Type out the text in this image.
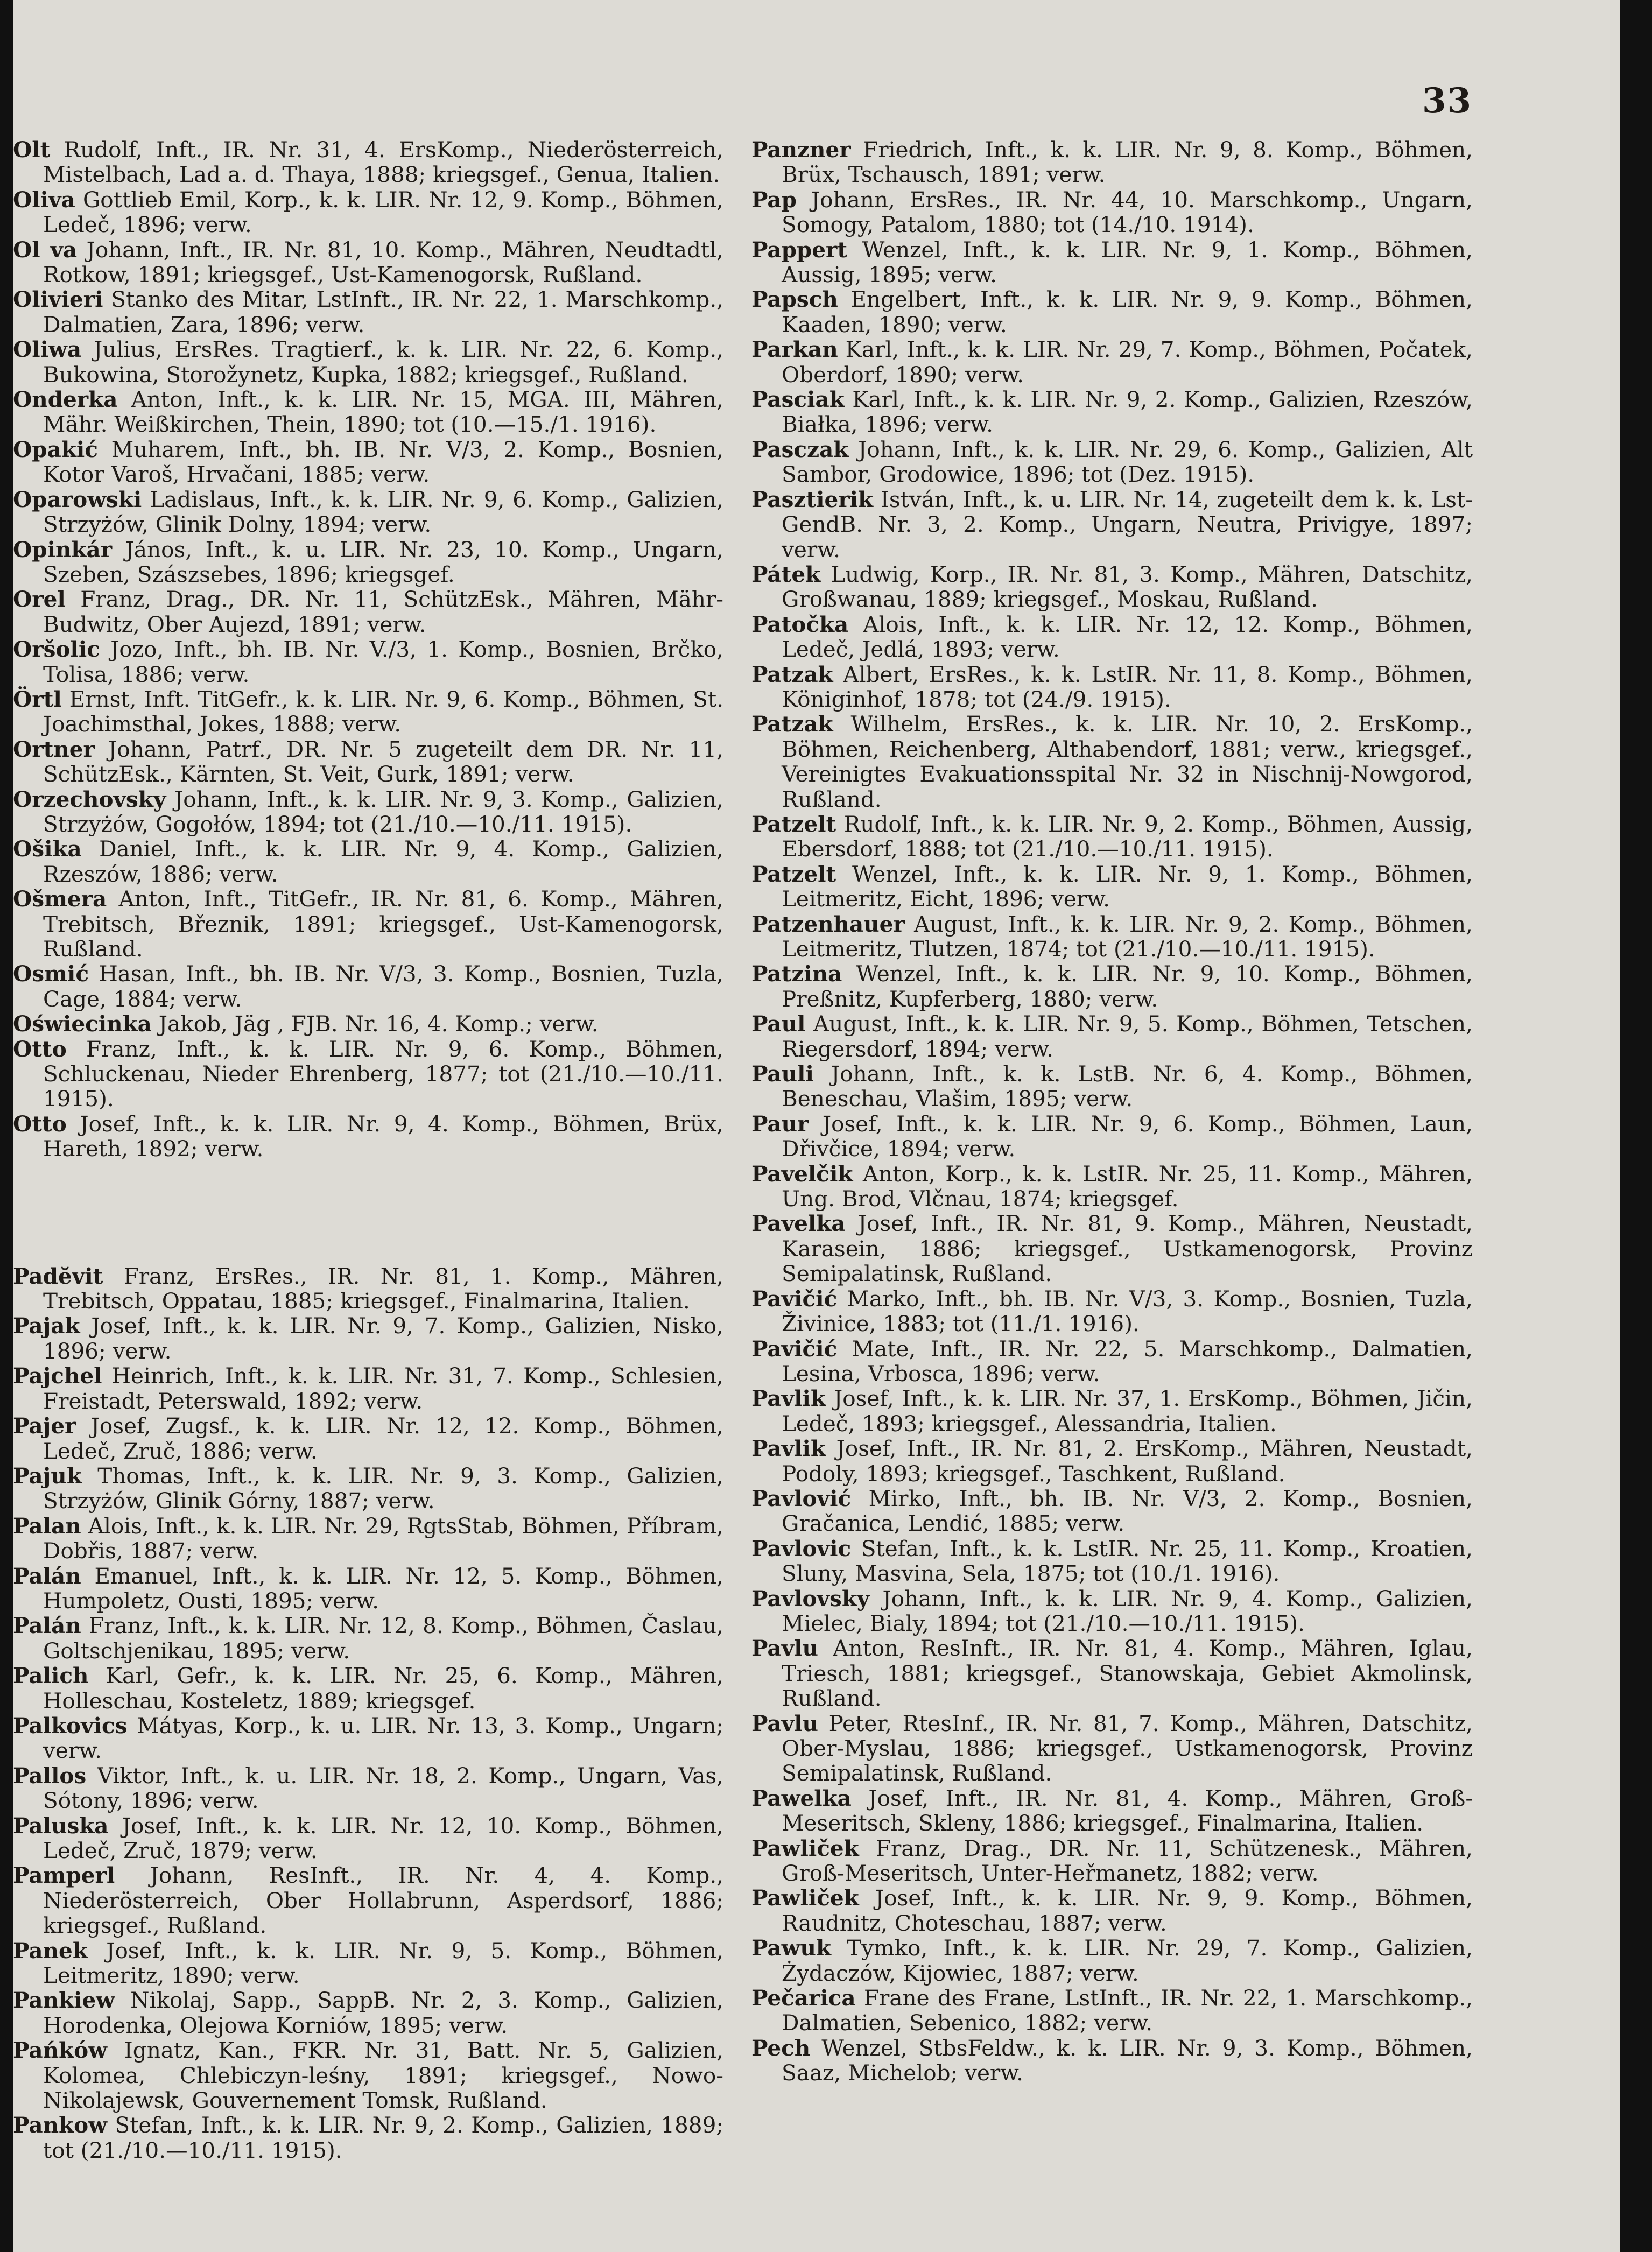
33
Olt Rudolf, Inft., IR. Nr. 31, 4. ErsKomp., Niederösterreich, Mistelbach, Lad a. d. Thaya, 1888; kriegsgef., Genua, Italien.
Oliva Gottlieb Emil, Korp., k. k. LIR. Nr. 12, 9. Komp., Böhmen, Ledeč, 1896; verw.
Ol va Johann, Inft., IR. Nr. 81, 10. Komp., Mähren, Neudtadtl, Rotkow, 1891; kriegsgef., Ust-Kamenogorsk, Rußland.
Olivieri Stanko des Mitar, LstInft., IR. Nr. 22, 1. Marschkomp., Dalmatien, Zara, 1896; verw.
Oliwa Julius, ErsRes. Tragtierf., k. k. LIR. Nr. 22, 6. Komp., Bukowina, Storožynetz, Kupka, 1882; kriegsgef., Rußland.
Onderka Anton, Inft., k. k. LIR. Nr. 15, MGA. III, Mähren, Mähr. Weißkirchen, Thein, 1890; tot (10.—15./1. 1916).
Opakić Muharem, Inft., bh. IB. Nr. V/3, 2. Komp., Bosnien, Kotor Varoš, Hrvačani, 1885; verw.
Oparowski Ladislaus, Inft., k. k. LIR. Nr. 9, 6. Komp., Galizien, Strzyżów, Glinik Dolny, 1894; verw.
Opinkár János, Inft., k. u. LIR. Nr. 23, 10. Komp., Ungarn, Szeben, Szászsebes, 1896; kriegsgef.
Orel Franz, Drag., DR. Nr. 11, SchützEsk., Mähren, Mähr-Budwitz, Ober Aujezd, 1891; verw.
Oršolic Jozo, Inft., bh. IB. Nr. V./3, 1. Komp., Bosnien, Brčko, Tolisa, 1886; verw.
Örtl Ernst, Inft. TitGefr., k. k. LIR. Nr. 9, 6. Komp., Böhmen, St. Joachimsthal, Jokes, 1888; verw.
Ortner Johann, Patrf., DR. Nr. 5 zugeteilt dem DR. Nr. 11, SchützEsk., Kärnten, St. Veit, Gurk, 1891; verw.
Orzechovsky Johann, Inft., k. k. LIR. Nr. 9, 3. Komp., Galizien, Strzyżów, Gogołów, 1894; tot (21./10.—10./11. 1915).
Ošika Daniel, Inft., k. k. LIR. Nr. 9, 4. Komp., Galizien, Rzeszów, 1886; verw.
Ošmera Anton, Inft., TitGefr., IR. Nr. 81, 6. Komp., Mähren, Trebitsch, Březnik, 1891; kriegsgef., Ust-Kamenogorsk, Rußland.
Osmić Hasan, Inft., bh. IB. Nr. V/3, 3. Komp., Bosnien, Tuzla, Cage, 1884; verw.
Oświecinka Jakob, Jäg , FJB. Nr. 16, 4. Komp.; verw.
Otto Franz, Inft., k. k. LIR. Nr. 9, 6. Komp., Böhmen, Schluckenau, Nieder Ehrenberg, 1877; tot (21./10.—10./11. 1915).
Otto Josef, Inft., k. k. LIR. Nr. 9, 4. Komp., Böhmen, Brüx, Hareth, 1892; verw.
Padĕvit Franz, ErsRes., IR. Nr. 81, 1. Komp., Mähren, Trebitsch, Oppatau, 1885; kriegsgef., Finalmarina, Italien.
Pajak Josef, Inft., k. k. LIR. Nr. 9, 7. Komp., Galizien, Nisko, 1896; verw.
Pajchel Heinrich, Inft., k. k. LIR. Nr. 31, 7. Komp., Schlesien, Freistadt, Peterswald, 1892; verw.
Pajer Josef, Zugsf., k. k. LIR. Nr. 12, 12. Komp., Böhmen, Ledeč, Zruč, 1886; verw.
Pajuk Thomas, Inft., k. k. LIR. Nr. 9, 3. Komp., Galizien, Strzyżów, Glinik Górny, 1887; verw.
Palan Alois, Inft., k. k. LIR. Nr. 29, RgtsStab, Böhmen, Příbram, Dobřis, 1887; verw.
Palán Emanuel, Inft., k. k. LIR. Nr. 12, 5. Komp., Böhmen, Humpoletz, Ousti, 1895; verw.
Palán Franz, Inft., k. k. LIR. Nr. 12, 8. Komp., Böhmen, Časlau, Goltschjenikau, 1895; verw.
Palich Karl, Gefr., k. k. LIR. Nr. 25, 6. Komp., Mähren, Holleschau, Kosteletz, 1889; kriegsgef.
Palkovics Mátyas, Korp., k. u. LIR. Nr. 13, 3. Komp., Ungarn; verw.
Pallos Viktor, Inft., k. u. LIR. Nr. 18, 2. Komp., Ungarn, Vas, Sótony, 1896; verw.
Paluska Josef, Inft., k. k. LIR. Nr. 12, 10. Komp., Böhmen, Ledeč, Zruč, 1879; verw.
Pamperl Johann, ResInft., IR. Nr. 4, 4. Komp., Niederösterreich, Ober Hollabrunn, Asperdsorf, 1886; kriegsgef., Rußland.
Panek Josef, Inft., k. k. LIR. Nr. 9, 5. Komp., Böhmen, Leitmeritz, 1890; verw.
Pankiew Nikolaj, Sapp., SappB. Nr. 2, 3. Komp., Galizien, Horodenka, Olejowa Korniów, 1895; verw.
Pańków Ignatz, Kan., FKR. Nr. 31, Batt. Nr. 5, Galizien, Kolomea, Chlebiczyn-leśny, 1891; kriegsgef., Nowo-Nikolajewsk, Gouvernement Tomsk, Rußland.
Pankow Stefan, Inft., k. k. LIR. Nr. 9, 2. Komp., Galizien, 1889; tot (21./10.—10./11. 1915).
Panzner Friedrich, Inft., k. k. LIR. Nr. 9, 8. Komp., Böhmen, Brüx, Tschausch, 1891; verw.
Pap Johann, ErsRes., IR. Nr. 44, 10. Marschkomp., Ungarn, Somogy, Patalom, 1880; tot (14./10. 1914).
Pappert Wenzel, Inft., k. k. LIR. Nr. 9, 1. Komp., Böhmen, Aussig, 1895; verw.
Papsch Engelbert, Inft., k. k. LIR. Nr. 9, 9. Komp., Böhmen, Kaaden, 1890; verw.
Parkan Karl, Inft., k. k. LIR. Nr. 29, 7. Komp., Böhmen, Počatek, Oberdorf, 1890; verw.
Pasciak Karl, Inft., k. k. LIR. Nr. 9, 2. Komp., Galizien, Rzeszów, Białka, 1896; verw.
Pasczak Johann, Inft., k. k. LIR. Nr. 29, 6. Komp., Galizien, Alt Sambor, Grodowice, 1896; tot (Dez. 1915).
Pasztierik István, Inft., k. u. LIR. Nr. 14, zugeteilt dem k. k. Lst-GendB. Nr. 3, 2. Komp., Ungarn, Neutra, Privigye, 1897; verw.
Pátek Ludwig, Korp., IR. Nr. 81, 3. Komp., Mähren, Datschitz, Großwanau, 1889; kriegsgef., Moskau, Rußland.
Patočka Alois, Inft., k. k. LIR. Nr. 12, 12. Komp., Böhmen, Ledeč, Jedlá, 1893; verw.
Patzak Albert, ErsRes., k. k. LstIR. Nr. 11, 8. Komp., Böhmen, Königinhof, 1878; tot (24./9. 1915).
Patzak Wilhelm, ErsRes., k. k. LIR. Nr. 10, 2. ErsKomp., Böhmen, Reichenberg, Althabendorf, 1881; verw., kriegsgef., Vereinigtes Evakuationsspital Nr. 32 in Nischnij-Nowgorod, Rußland.
Patzelt Rudolf, Inft., k. k. LIR. Nr. 9, 2. Komp., Böhmen, Aussig, Ebersdorf, 1888; tot (21./10.—10./11. 1915).
Patzelt Wenzel, Inft., k. k. LIR. Nr. 9, 1. Komp., Böhmen, Leitmeritz, Eicht, 1896; verw.
Patzenhauer August, Inft., k. k. LIR. Nr. 9, 2. Komp., Böhmen, Leitmeritz, Tlutzen, 1874; tot (21./10.—10./11. 1915).
Patzina Wenzel, Inft., k. k. LIR. Nr. 9, 10. Komp., Böhmen, Preßnitz, Kupferberg, 1880; verw.
Paul August, Inft., k. k. LIR. Nr. 9, 5. Komp., Böhmen, Tetschen, Riegersdorf, 1894; verw.
Pauli Johann, Inft., k. k. LstB. Nr. 6, 4. Komp., Böhmen, Beneschau, Vlašim, 1895; verw.
Paur Josef, Inft., k. k. LIR. Nr. 9, 6. Komp., Böhmen, Laun, Dřivčice, 1894; verw.
Pavelčik Anton, Korp., k. k. LstIR. Nr. 25, 11. Komp., Mähren, Ung. Brod, Vlčnau, 1874; kriegsgef.
Pavelka Josef, Inft., IR. Nr. 81, 9. Komp., Mähren, Neustadt, Karasein, 1886; kriegsgef., Ustkamenogorsk, Provinz Semipalatinsk, Rußland.
Pavičić Marko, Inft., bh. IB. Nr. V/3, 3. Komp., Bosnien, Tuzla, Živinice, 1883; tot (11./1. 1916).
Pavičić Mate, Inft., IR. Nr. 22, 5. Marschkomp., Dalmatien, Lesina, Vrbosca, 1896; verw.
Pavlik Josef, Inft., k. k. LIR. Nr. 37, 1. ErsKomp., Böhmen, Jičin, Ledeč, 1893; kriegsgef., Alessandria, Italien.
Pavlik Josef, Inft., IR. Nr. 81, 2. ErsKomp., Mähren, Neustadt, Podoly, 1893; kriegsgef., Taschkent, Rußland.
Pavlović Mirko, Inft., bh. IB. Nr. V/3, 2. Komp., Bosnien, Gračanica, Lendić, 1885; verw.
Pavlovic Stefan, Inft., k. k. LstIR. Nr. 25, 11. Komp., Kroatien, Sluny, Masvina, Sela, 1875; tot (10./1. 1916).
Pavlovsky Johann, Inft., k. k. LIR. Nr. 9, 4. Komp., Galizien, Mielec, Bialy, 1894; tot (21./10.—10./11. 1915).
Pavlu Anton, ResInft., IR. Nr. 81, 4. Komp., Mähren, Iglau, Triesch, 1881; kriegsgef., Stanowskaja, Gebiet Akmolinsk, Rußland.
Pavlu Peter, RtesInf., IR. Nr. 81, 7. Komp., Mähren, Datschitz, Ober-Myslau, 1886; kriegsgef., Ustkamenogorsk, Provinz Semipalatinsk, Rußland.
Pawelka Josef, Inft., IR. Nr. 81, 4. Komp., Mähren, Groß-Meseritsch, Skleny, 1886; kriegsgef., Finalmarina, Italien.
Pawliček Franz, Drag., DR. Nr. 11, Schützenesk., Mähren, Groß-Meseritsch, Unter-Heřmanetz, 1882; verw.
Pawliček Josef, Inft., k. k. LIR. Nr. 9, 9. Komp., Böhmen, Raudnitz, Choteschau, 1887; verw.
Pawuk Tymko, Inft., k. k. LIR. Nr. 29, 7. Komp., Galizien, Żydaczów, Kijowiec, 1887; verw.
Pečarica Frane des Frane, LstInft., IR. Nr. 22, 1. Marschkomp., Dalmatien, Sebenico, 1882; verw.
Pech Wenzel, StbsFeldw., k. k. LIR. Nr. 9, 3. Komp., Böhmen, Saaz, Michelob; verw.
